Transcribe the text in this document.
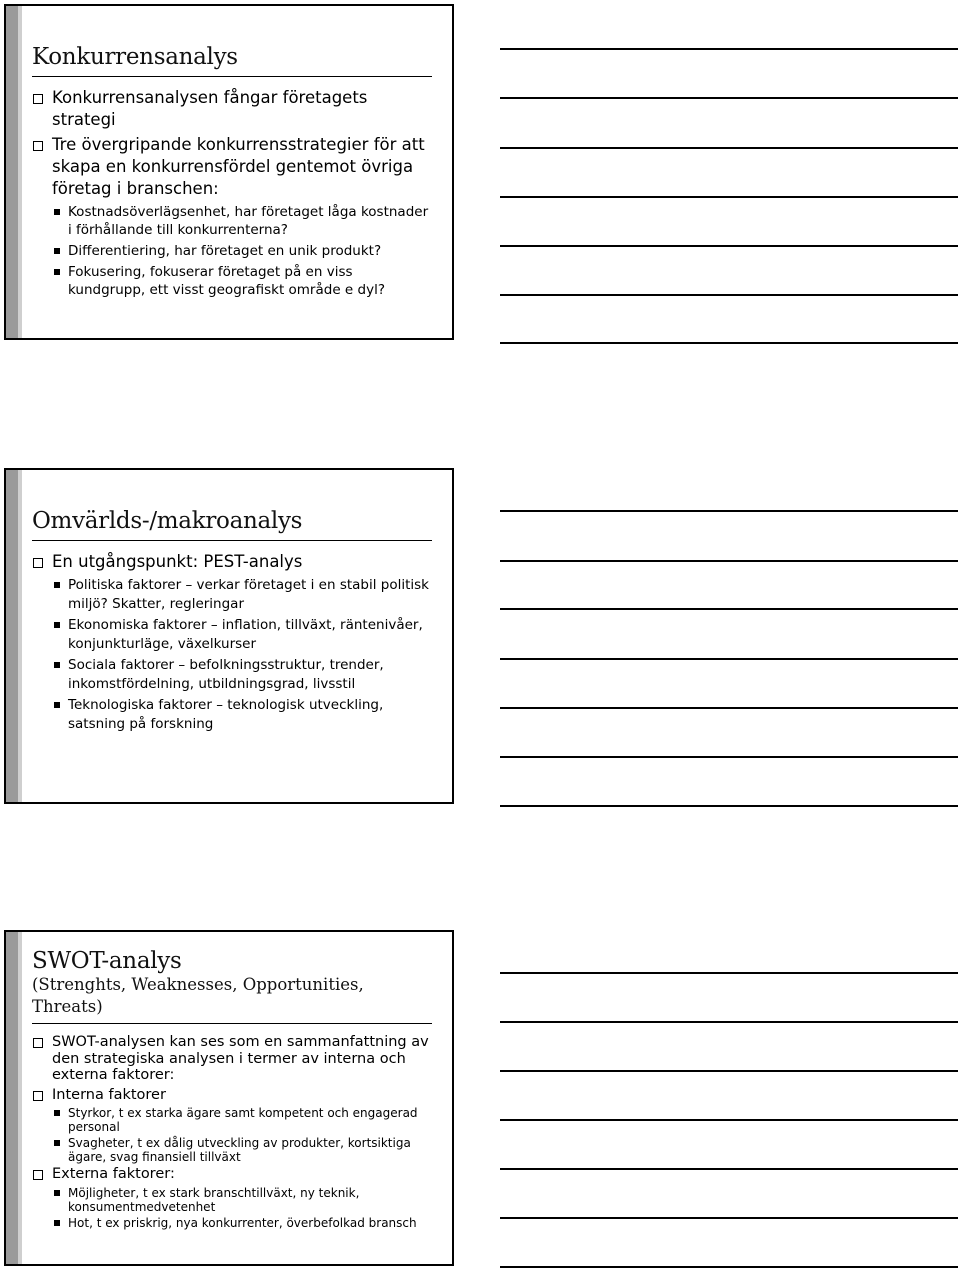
Konkurrensanalys
Konkurrensanalysen fångar företagets strategi
Tre övergripande konkurrensstrategier för att skapa en konkurrensfördel gentemot övriga företag i branschen:
Kostnadsöverlägsenhet, har företaget låga kostnader i förhållande till konkurrenterna?
Differentiering, har företaget en unik produkt?
Fokusering, fokuserar företaget på en viss kundgrupp, ett visst geografiskt område e dyl?
Omvärlds-/makroanalys
En utgångspunkt: PEST-analys
Politiska faktorer – verkar företaget i en stabil politisk miljö? Skatter, regleringar
Ekonomiska faktorer – inflation, tillväxt, räntenivåer, konjunkturläge, växelkurser
Sociala faktorer – befolkningsstruktur, trender, inkomstfördelning, utbildningsgrad, livsstil
Teknologiska faktorer – teknologisk utveckling, satsning på forskning
SWOT-analys
(Strenghts, Weaknesses, Opportunities, Threats)
SWOT-analysen kan ses som en sammanfattning av den strategiska analysen i termer av interna och externa faktorer:
Interna faktorer
Styrkor, t ex starka ägare samt kompetent och engagerad personal
Svagheter, t ex dålig utveckling av produkter, kortsiktiga ägare, svag finansiell tillväxt
Externa faktorer:
Möjligheter, t ex stark branschtillväxt, ny teknik, konsumentmedvetenhet
Hot, t ex priskrig, nya konkurrenter, överbefolkad bransch
